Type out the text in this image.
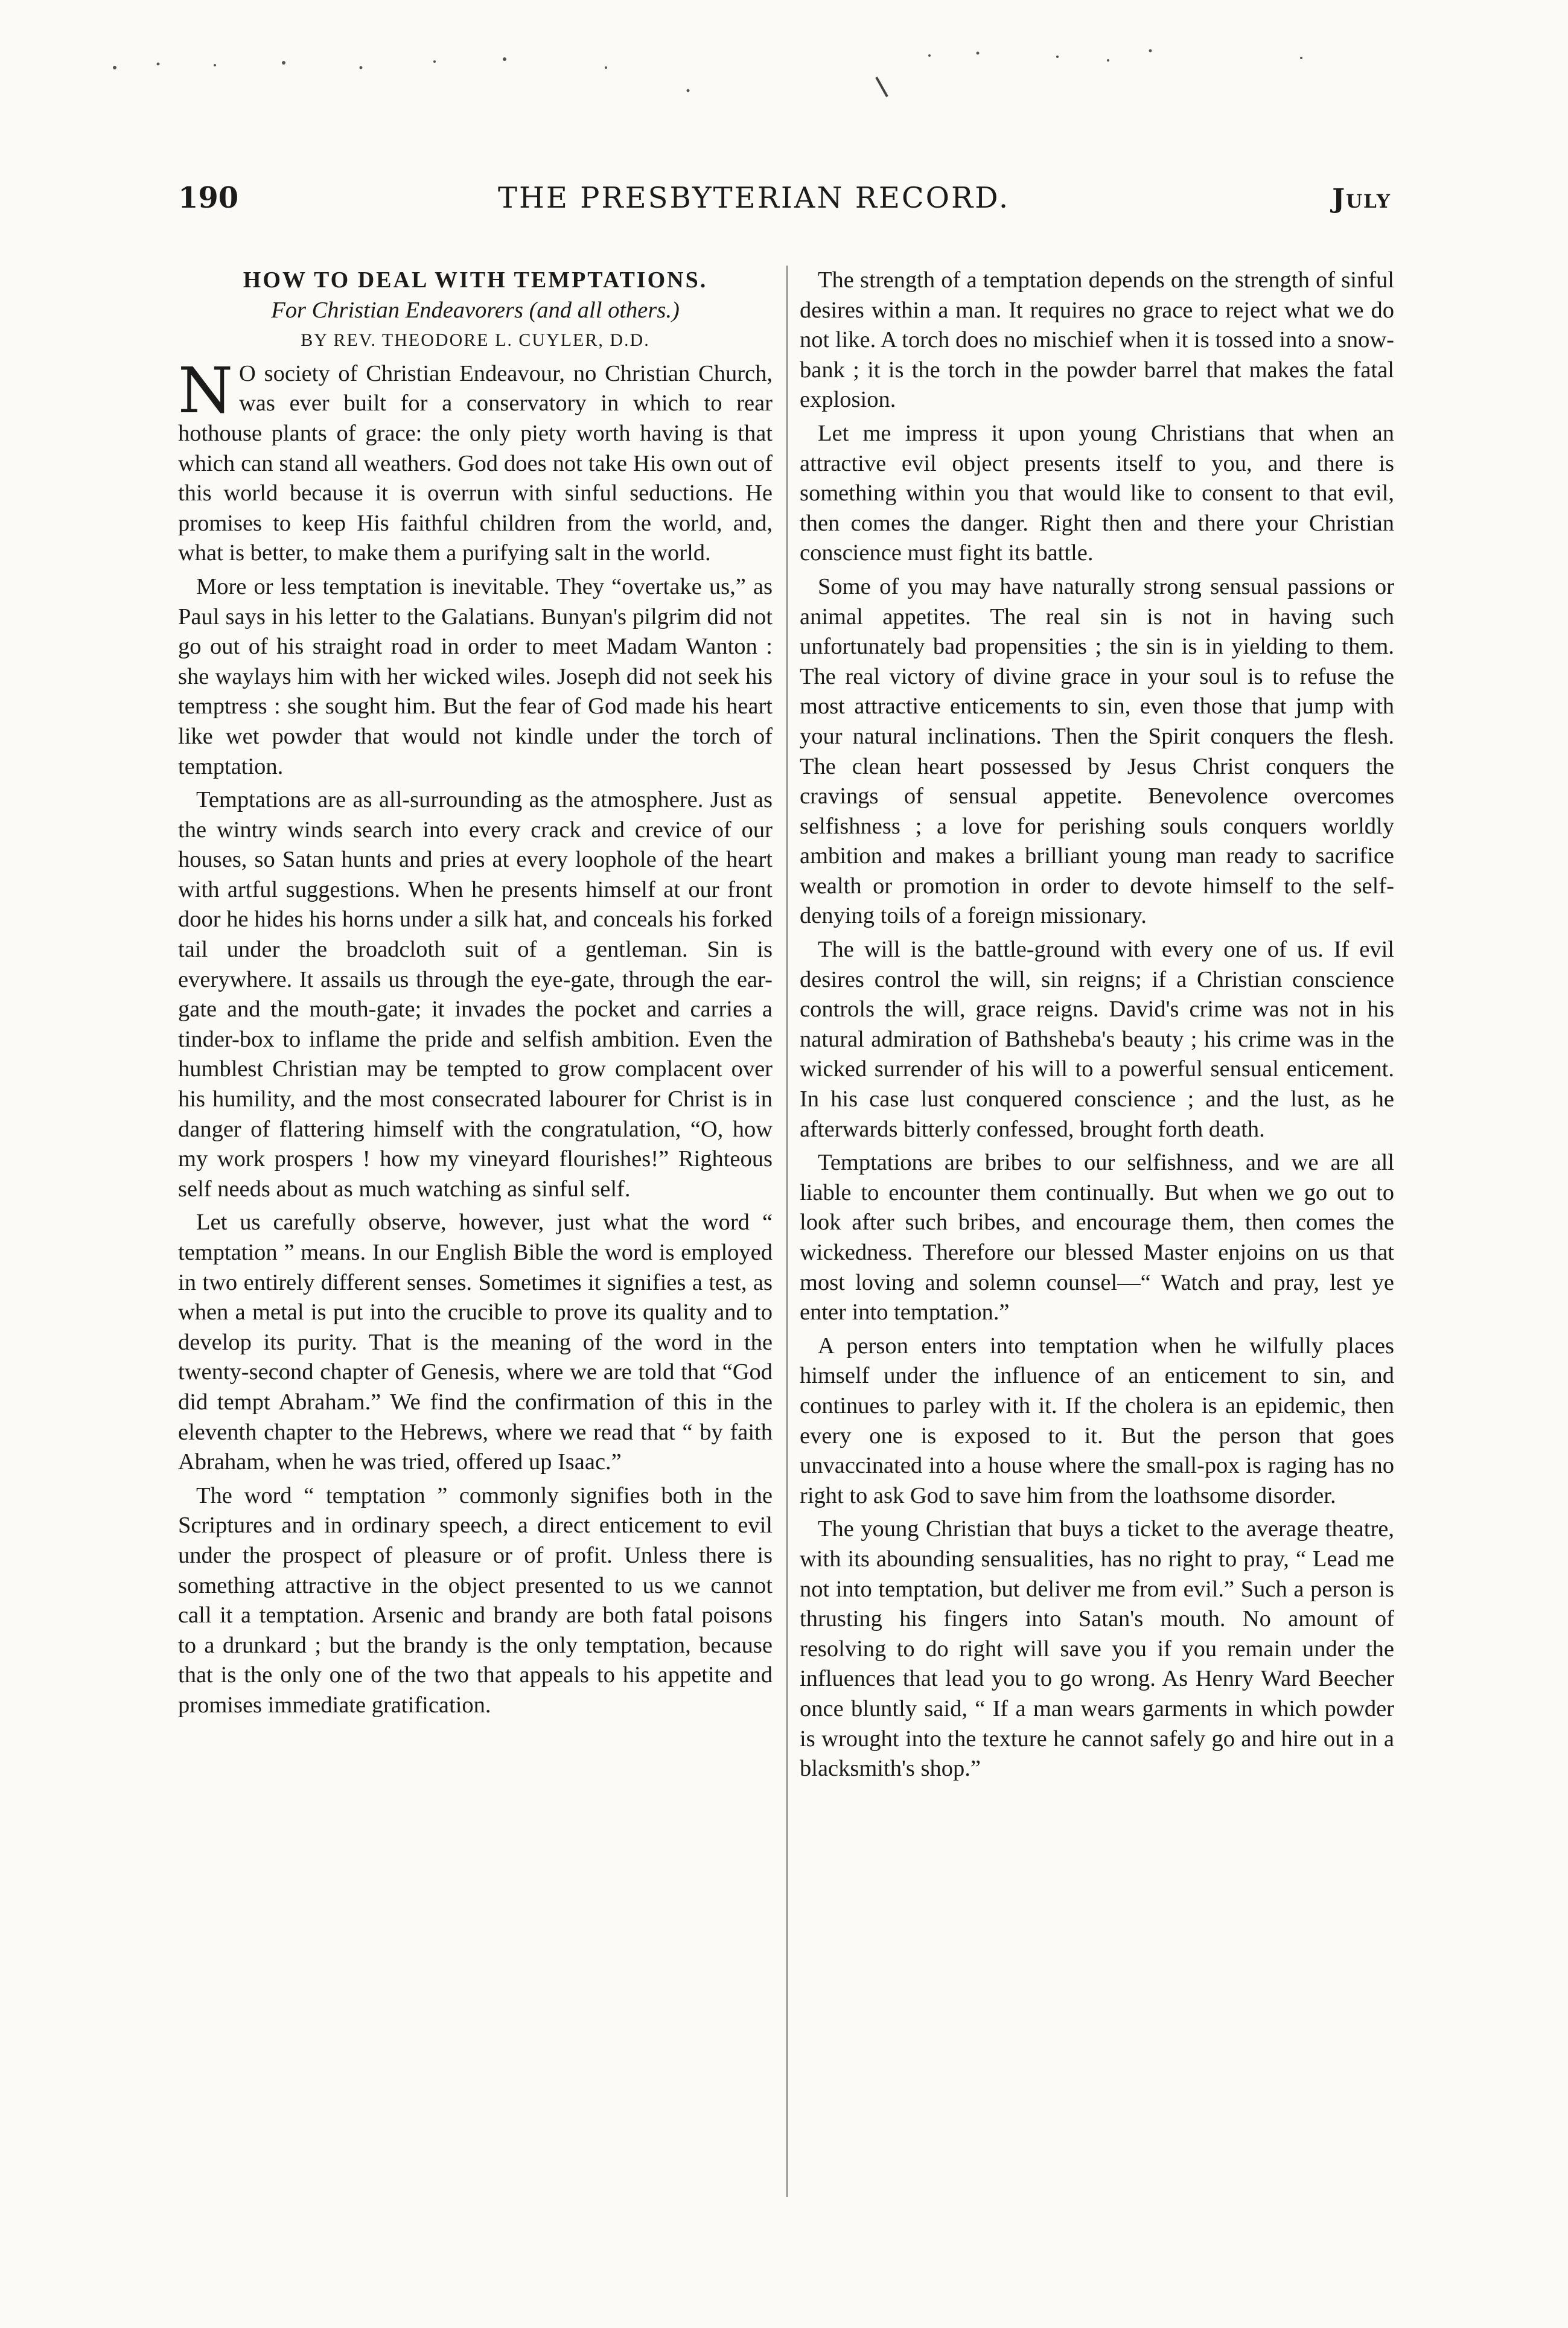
190	THE PRESBYTERIAN RECORD.	July
HOW TO DEAL WITH TEMPTATIONS.
For Christian Endeavorers (and all others.)
BY REV. THEODORE L. CUYLER, D.D.

N O society of Christian Endeavour, no Christian Church, was ever built for a conservatory in which to rear hothouse plants of grace: the only piety worth having is that which can stand all weathers. God does not take His own out of this world because it is overrun with sinful seductions. He promises to keep His faithful children from the world, and, what is better, to make them a purifying salt in the world.

More or less temptation is inevitable. They “overtake us,” as Paul says in his letter to the Galatians. Bunyan's pilgrim did not go out of his straight road in order to meet Madam Wanton : she waylays him with her wicked wiles. Joseph did not seek his temptress : she sought him. But the fear of God made his heart like wet powder that would not kindle under the torch of temptation.

Temptations are as all-surrounding as the atmosphere. Just as the wintry winds search into every crack and crevice of our houses, so Satan hunts and pries at every loophole of the heart with artful suggestions. When he presents himself at our front door he hides his horns under a silk hat, and conceals his forked tail under the broadcloth suit of a gentleman. Sin is everywhere. It assails us through the eye-gate, through the ear-gate and the mouth-gate; it invades the pocket and carries a tinder-box to inflame the pride and selfish ambition. Even the humblest Christian may be tempted to grow complacent over his humility, and the most consecrated labourer for Christ is in danger of flattering himself with the congratulation, “O, how my work prospers ! how my vineyard flourishes!” Righteous self needs about as much watching as sinful self.

Let us carefully observe, however, just what the word “ temptation ” means. In our English Bible the word is employed in two entirely different senses. Sometimes it signifies a test, as when a metal is put into the crucible to prove its quality and to develop its purity. That is the meaning of the word in the twenty-second chapter of Genesis, where we are told that “God did tempt Abraham.” We find the confirmation of this in the eleventh chapter to the Hebrews, where we read that “ by faith Abraham, when he was tried, offered up Isaac.”

The word “ temptation ” commonly signifies both in the Scriptures and in ordinary speech, a direct enticement to evil under the prospect of pleasure or of profit. Unless there is something attractive in the object presented to us we cannot call it a temptation. Arsenic and brandy are both fatal poisons to a drunkard ; but the brandy is the only temptation, because that is the only one of the two that appeals to his appetite and promises immediate gratification.

The strength of a temptation depends on the strength of sinful desires within a man. It requires no grace to reject what we do not like. A torch does no mischief when it is tossed into a snow-bank ; it is the torch in the powder barrel that makes the fatal explosion.

Let me impress it upon young Christians that when an attractive evil object presents itself to you, and there is something within you that would like to consent to that evil, then comes the danger. Right then and there your Christian conscience must fight its battle.

Some of you may have naturally strong sensual passions or animal appetites. The real sin is not in having such unfortunately bad propensities ; the sin is in yielding to them. The real victory of divine grace in your soul is to refuse the most attractive enticements to sin, even those that jump with your natural inclinations. Then the Spirit conquers the flesh. The clean heart possessed by Jesus Christ conquers the cravings of sensual appetite. Benevolence overcomes selfishness ; a love for perishing souls conquers worldly ambition and makes a brilliant young man ready to sacrifice wealth or promotion in order to devote himself to the self-denying toils of a foreign missionary.

The will is the battle-ground with every one of us. If evil desires control the will, sin reigns; if a Christian conscience controls the will, grace reigns. David's crime was not in his natural admiration of Bathsheba's beauty ; his crime was in the wicked surrender of his will to a powerful sensual enticement. In his case lust conquered conscience ; and the lust, as he afterwards bitterly confessed, brought forth death.

Temptations are bribes to our selfishness, and we are all liable to encounter them continually. But when we go out to look after such bribes, and encourage them, then comes the wickedness. Therefore our blessed Master enjoins on us that most loving and solemn counsel—“ Watch and pray, lest ye enter into temptation.”

A person enters into temptation when he wilfully places himself under the influence of an enticement to sin, and continues to parley with it. If the cholera is an epidemic, then every one is exposed to it. But the person that goes unvaccinated into a house where the small-pox is raging has no right to ask God to save him from the loathsome disorder.

The young Christian that buys a ticket to the average theatre, with its abounding sensualities, has no right to pray, “ Lead me not into temptation, but deliver me from evil.” Such a person is thrusting his fingers into Satan's mouth. No amount of resolving to do right will save you if you remain under the influences that lead you to go wrong. As Henry Ward Beecher once bluntly said, “ If a man wears garments in which powder is wrought into the texture he cannot safely go and hire out in a blacksmith's shop.”
